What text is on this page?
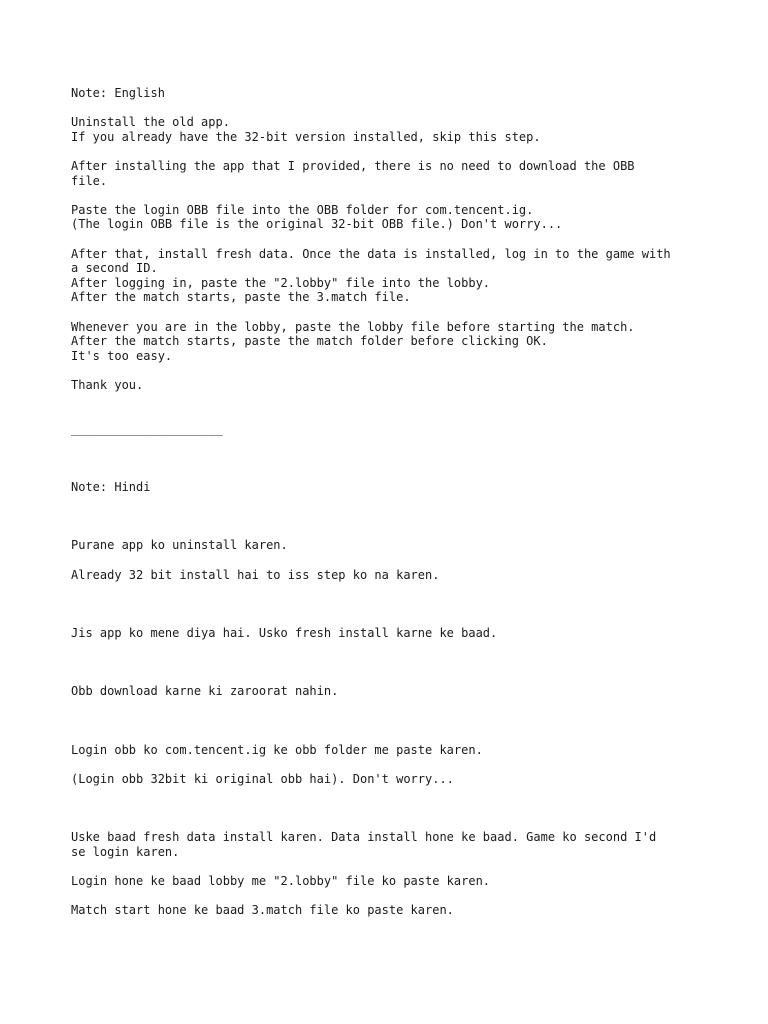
Note: English

Uninstall the old app.
If you already have the 32-bit version installed, skip this step.

After installing the app that I provided, there is no need to download the OBB
file.

Paste the login OBB file into the OBB folder for com.tencent.ig.
(The login OBB file is the original 32-bit OBB file.) Don't worry...

After that, install fresh data. Once the data is installed, log in to the game with
a second ID.
After logging in, paste the "2.lobby" file into the lobby.
After the match starts, paste the 3.match file.

Whenever you are in the lobby, paste the lobby file before starting the match.
After the match starts, paste the match folder before clicking OK.
It's too easy.

Thank you.

_____________________

Note: Hindi

Purane app ko uninstall karen.

Already 32 bit install hai to iss step ko na karen.

Jis app ko mene diya hai. Usko fresh install karne ke baad.

Obb download karne ki zaroorat nahin.

Login obb ko com.tencent.ig ke obb folder me paste karen.

(Login obb 32bit ki original obb hai). Don't worry...

Uske baad fresh data install karen. Data install hone ke baad. Game ko second I'd
se login karen.

Login hone ke baad lobby me "2.lobby" file ko paste karen.

Match start hone ke baad 3.match file ko paste karen.
